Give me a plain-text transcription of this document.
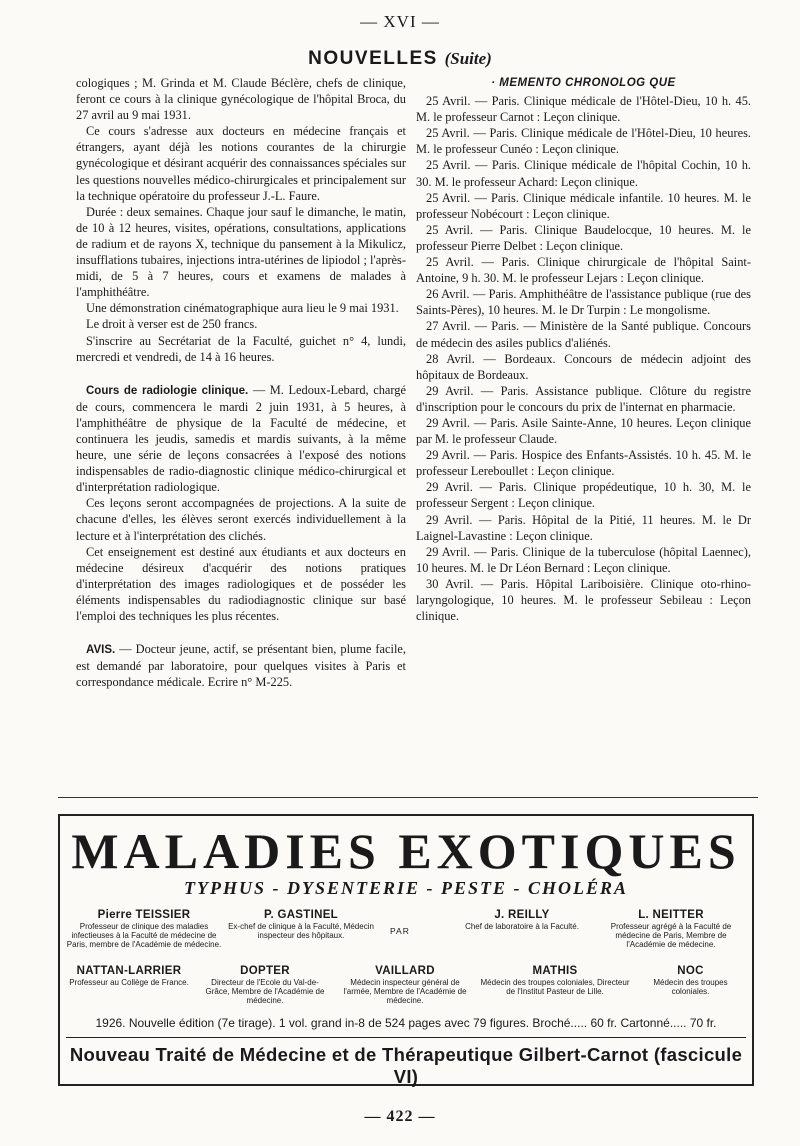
— XVI —
NOUVELLES (Suite)

cologiques ; M. Grinda et M. Claude Béclère, chefs de clinique, feront ce cours à la clinique gynécologique de l'hôpital Broca, du 27 avril au 9 mai 1931.

Ce cours s'adresse aux docteurs en médecine français et étrangers, ayant déjà les notions courantes de la chirurgie gynécologique et désirant acquérir des connaissances spéciales sur les questions nouvelles médico-chirurgicales et principalement sur la technique opératoire du professeur J.-L. Faure.

Durée : deux semaines. Chaque jour sauf le dimanche, le matin, de 10 à 12 heures, visites, opérations, consultations, applications de radium et de rayons X, technique du pansement à la Mikulicz, insufflations tubaires, injections intra-utérines de lipiodol ; l'après-midi, de 5 à 7 heures, cours et examens de malades à l'amphithéâtre.

Une démonstration cinématographique aura lieu le 9 mai 1931.

Le droit à verser est de 250 francs.

S'inscrire au Secrétariat de la Faculté, guichet n° 4, lundi, mercredi et vendredi, de 14 à 16 heures.

Cours de radiologie clinique. — M. Ledoux-Lebard, chargé de cours, commencera le mardi 2 juin 1931, à 5 heures, à l'amphithéâtre de physique de la Faculté de médecine, et continuera les jeudis, samedis et mardis suivants, à la même heure, une série de leçons consacrées à l'exposé des notions indispensables de radio-diagnostic clinique médico-chirurgical et d'interprétation radiologique.

Ces leçons seront accompagnées de projections. A la suite de chacune d'elles, les élèves seront exercés individuellement à la lecture et à l'interprétation des clichés.

Cet enseignement est destiné aux étudiants et aux docteurs en médecine désireux d'acquérir des notions pratiques d'interprétation des images radiologiques et de posséder les éléments indispensables du radiodiagnostic clinique sur basé l'emploi des techniques les plus récentes.

AVIS. — Docteur jeune, actif, se présentant bien, plume facile, est demandé par laboratoire, pour quelques visites à Paris et correspondance médicale. Ecrire n° M-225.

· MEMENTO CHRONOLOG QUE

25 Avril. — Paris. Clinique médicale de l'Hôtel-Dieu, 10 h. 45. M. le professeur Carnot : Leçon clinique.

25 Avril. — Paris. Clinique médicale de l'Hôtel-Dieu, 10 heures. M. le professeur Cunéo : Leçon clinique.

25 Avril. — Paris. Clinique médicale de l'hôpital Cochin, 10 h. 30. M. le professeur Achard: Leçon clinique.

25 Avril. — Paris. Clinique médicale infantile. 10 heures. M. le professeur Nobécourt : Leçon clinique.

25 Avril. — Paris. Clinique Baudelocque, 10 heures. M. le professeur Pierre Delbet : Leçon clinique.

25 Avril. — Paris. Clinique chirurgicale de l'hôpital Saint-Antoine, 9 h. 30. M. le professeur Lejars : Leçon clinique.

26 Avril. — Paris. Amphithéâtre de l'assistance publique (rue des Saints-Pères), 10 heures. M. le Dr Turpin : Le mongolisme.

27 Avril. — Paris. — Ministère de la Santé publique. Concours de médecin des asiles publics d'aliénés.

28 Avril. — Bordeaux. Concours de médecin adjoint des hôpitaux de Bordeaux.

29 Avril. — Paris. Assistance publique. Clôture du registre d'inscription pour le concours du prix de l'internat en pharmacie.

29 Avril. — Paris. Asile Sainte-Anne, 10 heures. Leçon clinique par M. le professeur Claude.

29 Avril. — Paris. Hospice des Enfants-Assistés. 10 h. 45. M. le professeur Lereboullet : Leçon clinique.

29 Avril. — Paris. Clinique propédeutique, 10 h. 30, M. le professeur Sergent : Leçon clinique.

29 Avril. — Paris. Hôpital de la Pitié, 11 heures. M. le Dr Laignel-Lavastine : Leçon clinique.

29 Avril. — Paris. Clinique de la tuberculose (hôpital Laennec), 10 heures. M. le Dr Léon Bernard : Leçon clinique.

30 Avril. — Paris. Hôpital Lariboisière. Clinique oto-rhino-laryngologique, 10 heures. M. le professeur Sebileau : Leçon clinique.

MALADIES EXOTIQUES
TYPHUS - DYSENTERIE - PESTE - CHOLÉRA
Pierre TEISSIER
Professeur de clinique des maladies infectieuses à la Faculté de médecine de Paris, membre de l'Académie de médecine.
P. GASTINEL
Ex-chef de clinique à la Faculté, Médecin inspecteur des hôpitaux.	PAR
J. REILLY
Chef de laboratoire à la Faculté.
L. NEITTER
Professeur agrégé à la Faculté de médecine de Paris, Membre de l'Académie de médecine.
NATTAN-LARRIER
Professeur au Collège de France.
DOPTER
Directeur de l'Ecole du Val-de-Grâce, Membre de l'Académie de médecine.
VAILLARD
Médecin inspecteur général de l'armée, Membre de l'Académie de médecine.
MATHIS
Médecin des troupes coloniales, Directeur de l'Institut Pasteur de Lille.
NOC
Médecin des troupes coloniales.
1926. Nouvelle édition (7e tirage). 1 vol. grand in-8 de 524 pages avec 79 figures. Broché..... 60 fr. Cartonné..... 70 fr.
Nouveau Traité de Médecine et de Thérapeutique Gilbert-Carnot (fascicule VI)
— 422 —
